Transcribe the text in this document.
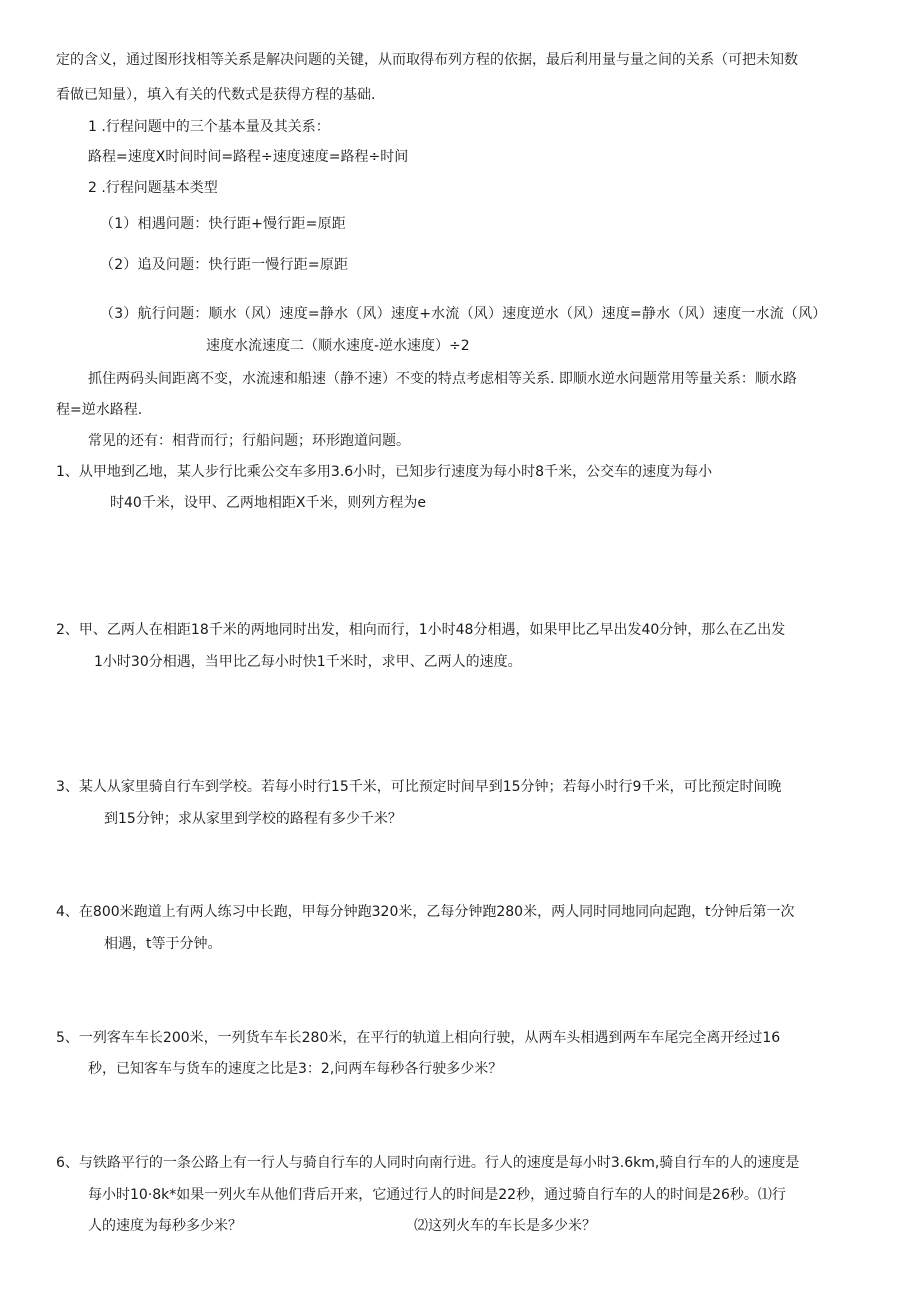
定的含义，通过图形找相等关系是解决问题的关键，从而取得布列方程的依据，最后利用量与量之间的关系（可把未知数
看做已知量），填入有关的代数式是获得方程的基础.
1 .行程问题中的三个基本量及其关系：
路程=速度X时间时间=路程÷速度速度=路程÷时间
2 .行程问题基本类型
（1）相遇问题：快行距+慢行距=原距
（2）追及问题：快行距一慢行距=原距
（3）航行问题：顺水（风）速度=静水（风）速度+水流（风）速度逆水（风）速度=静水（风）速度一水流（风）
速度水流速度二（顺水速度-逆水速度）÷2
抓住两码头间距离不变，水流速和船速（静不速）不变的特点考虑相等关系. 即顺水逆水问题常用等量关系：顺水路
程=逆水路程.
常见的还有：相背而行；行船问题；环形跑道问题。
1、从甲地到乙地，某人步行比乘公交车多用3.6小时，已知步行速度为每小时8千米，公交车的速度为每小
时40千米，设甲、乙两地相距X千米，则列方程为e
2、甲、乙两人在相距18千米的两地同时出发，相向而行，1小时48分相遇，如果甲比乙早出发40分钟，那么在乙出发
1小时30分相遇，当甲比乙每小时快1千米时，求甲、乙两人的速度。
3、某人从家里骑自行车到学校。若每小时行15千米，可比预定时间早到15分钟；若每小时行9千米，可比预定时间晚
到15分钟；求从家里到学校的路程有多少千米？
4、在800米跑道上有两人练习中长跑，甲每分钟跑320米，乙每分钟跑280米，两人同时同地同向起跑，t分钟后第一次
相遇，t等于分钟。
5、一列客车车长200米，一列货车车长280米，在平行的轨道上相向行驶，从两车头相遇到两车车尾完全离开经过16
秒，已知客车与货车的速度之比是3：2,问两车每秒各行驶多少米？
6、与铁路平行的一条公路上有一行人与骑自行车的人同时向南行进。行人的速度是每小时3.6km,骑自行车的人的速度是
每小时10·8k*如果一列火车从他们背后开来，它通过行人的时间是22秒，通过骑自行车的人的时间是26秒。⑴行
人的速度为每秒多少米？	⑵这列火车的车长是多少米？
